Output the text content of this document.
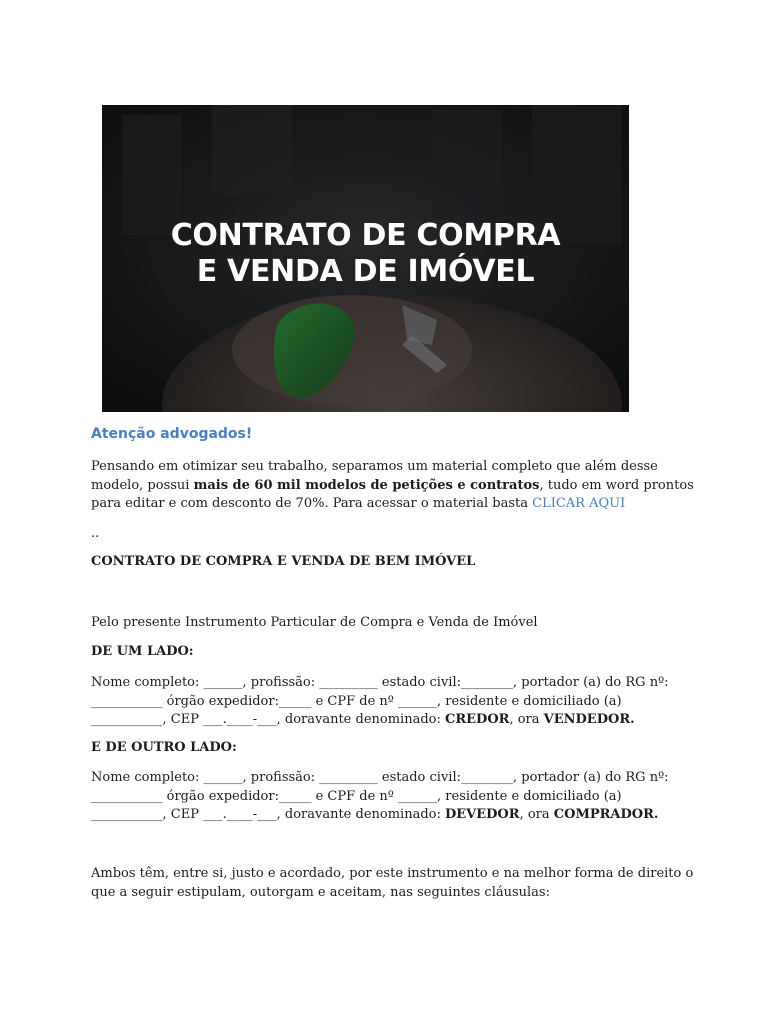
CONTRATO DE COMPRA
E VENDA DE IMÓVEL
Atenção advogados!
Pensando em otimizar seu trabalho, separamos um material completo que além desse
modelo, possui mais de 60 mil modelos de petições e contratos, tudo em word prontos
para editar e com desconto de 70%. Para acessar o material basta CLICAR AQUI
..
CONTRATO DE COMPRA E VENDA DE BEM IMÓVEL
Pelo presente Instrumento Particular de Compra e Venda de Imóvel
DE UM LADO:
Nome completo: ______, profissão: _________ estado civil:________, portador (a) do RG nº:
___________ órgão expedidor:_____ e CPF de nº ______, residente e domiciliado (a)
___________, CEP ___.____-___, doravante denominado: CREDOR, ora VENDEDOR.
E DE OUTRO LADO:
Nome completo: ______, profissão: _________ estado civil:________, portador (a) do RG nº:
___________ órgão expedidor:_____ e CPF de nº ______, residente e domiciliado (a)
___________, CEP ___.____-___, doravante denominado: DEVEDOR, ora COMPRADOR.
Ambos têm, entre si, justo e acordado, por este instrumento e na melhor forma de direito o
que a seguir estipulam, outorgam e aceitam, nas seguintes cláusulas:
